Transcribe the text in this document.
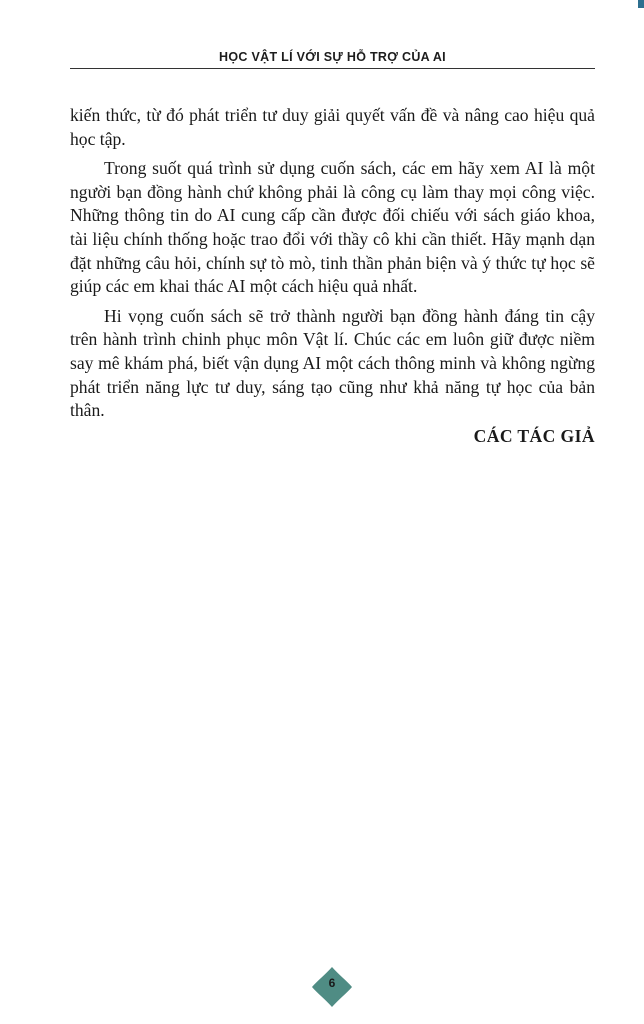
HỌC VẬT LÍ VỚI SỰ HỖ TRỢ CỦA AI

kiến thức, từ đó phát triển tư duy giải quyết vấn đề và nâng cao hiệu quả học tập.

Trong suốt quá trình sử dụng cuốn sách, các em hãy xem AI là một người bạn đồng hành chứ không phải là công cụ làm thay mọi công việc. Những thông tin do AI cung cấp cần được đối chiếu với sách giáo khoa, tài liệu chính thống hoặc trao đổi với thầy cô khi cần thiết. Hãy mạnh dạn đặt những câu hỏi, chính sự tò mò, tinh thần phản biện và ý thức tự học sẽ giúp các em khai thác AI một cách hiệu quả nhất.

Hi vọng cuốn sách sẽ trở thành người bạn đồng hành đáng tin cậy trên hành trình chinh phục môn Vật lí. Chúc các em luôn giữ được niềm say mê khám phá, biết vận dụng AI một cách thông minh và không ngừng phát triển năng lực tư duy, sáng tạo cũng như khả năng tự học của bản thân.

CÁC TÁC GIẢ
6
